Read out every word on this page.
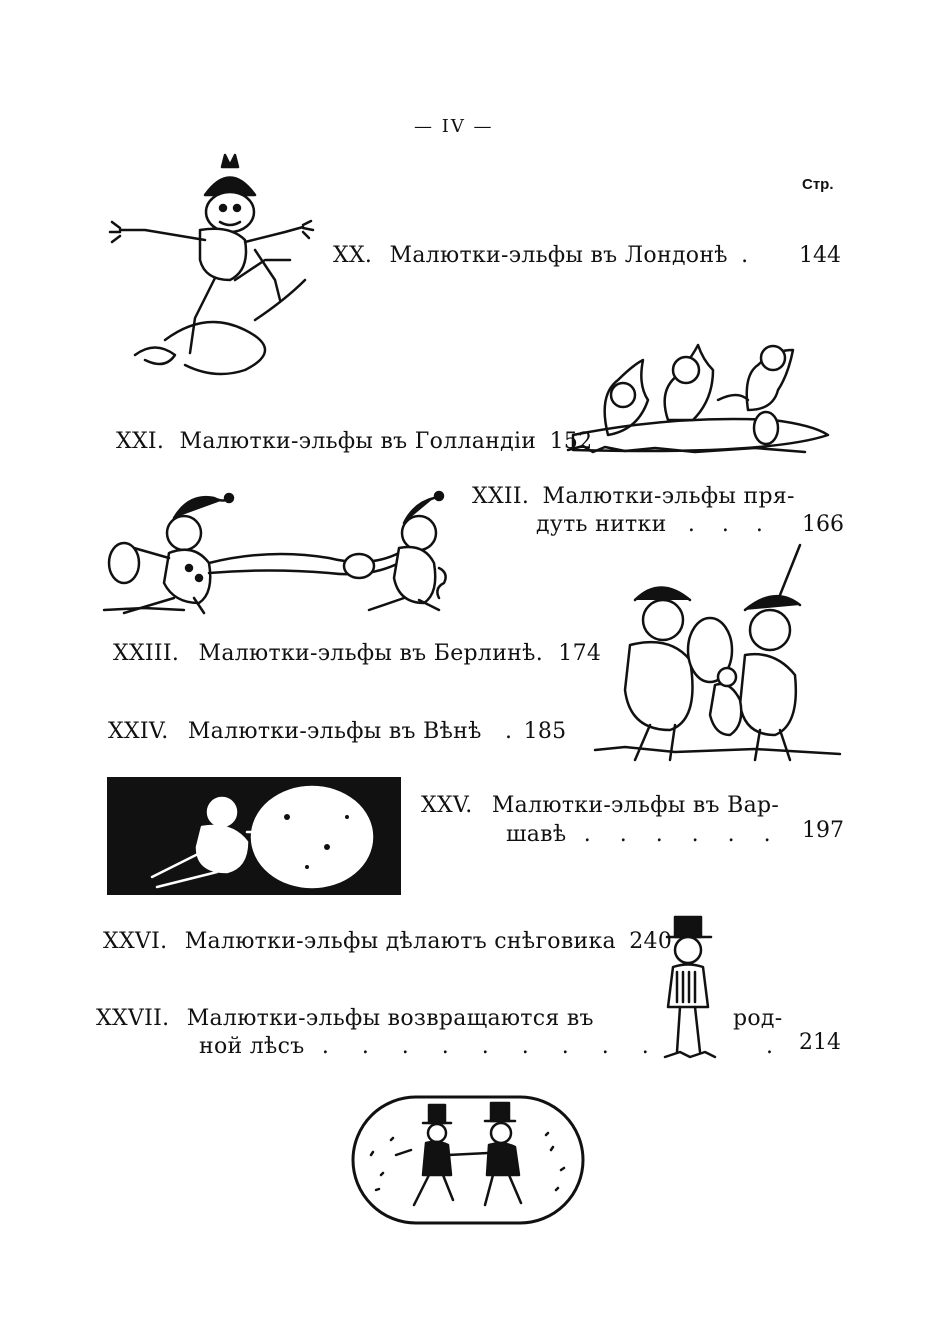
— IV —
Стр.
XX. Малютки-эльфы въ Лондонѣ . 144
XXI. Малютки-эльфы въ Голландіи 152
XXII. Малютки-эльфы пря-
дуть нитки . . . 166
XXIII. Малютки-эльфы въ Берлинѣ. 174
XXIV. Малютки-эльфы въ Вѣнѣ . 185
XXV. Малютки-эльфы въ Вар-
шавѣ . . . . . . 197
XXVI. Малютки-эльфы дѣлаютъ снѣговика 240
XXVII. Малютки-эльфы возвращаются въ	род-
ной лѣсъ . . . . . . . . .	. 214
